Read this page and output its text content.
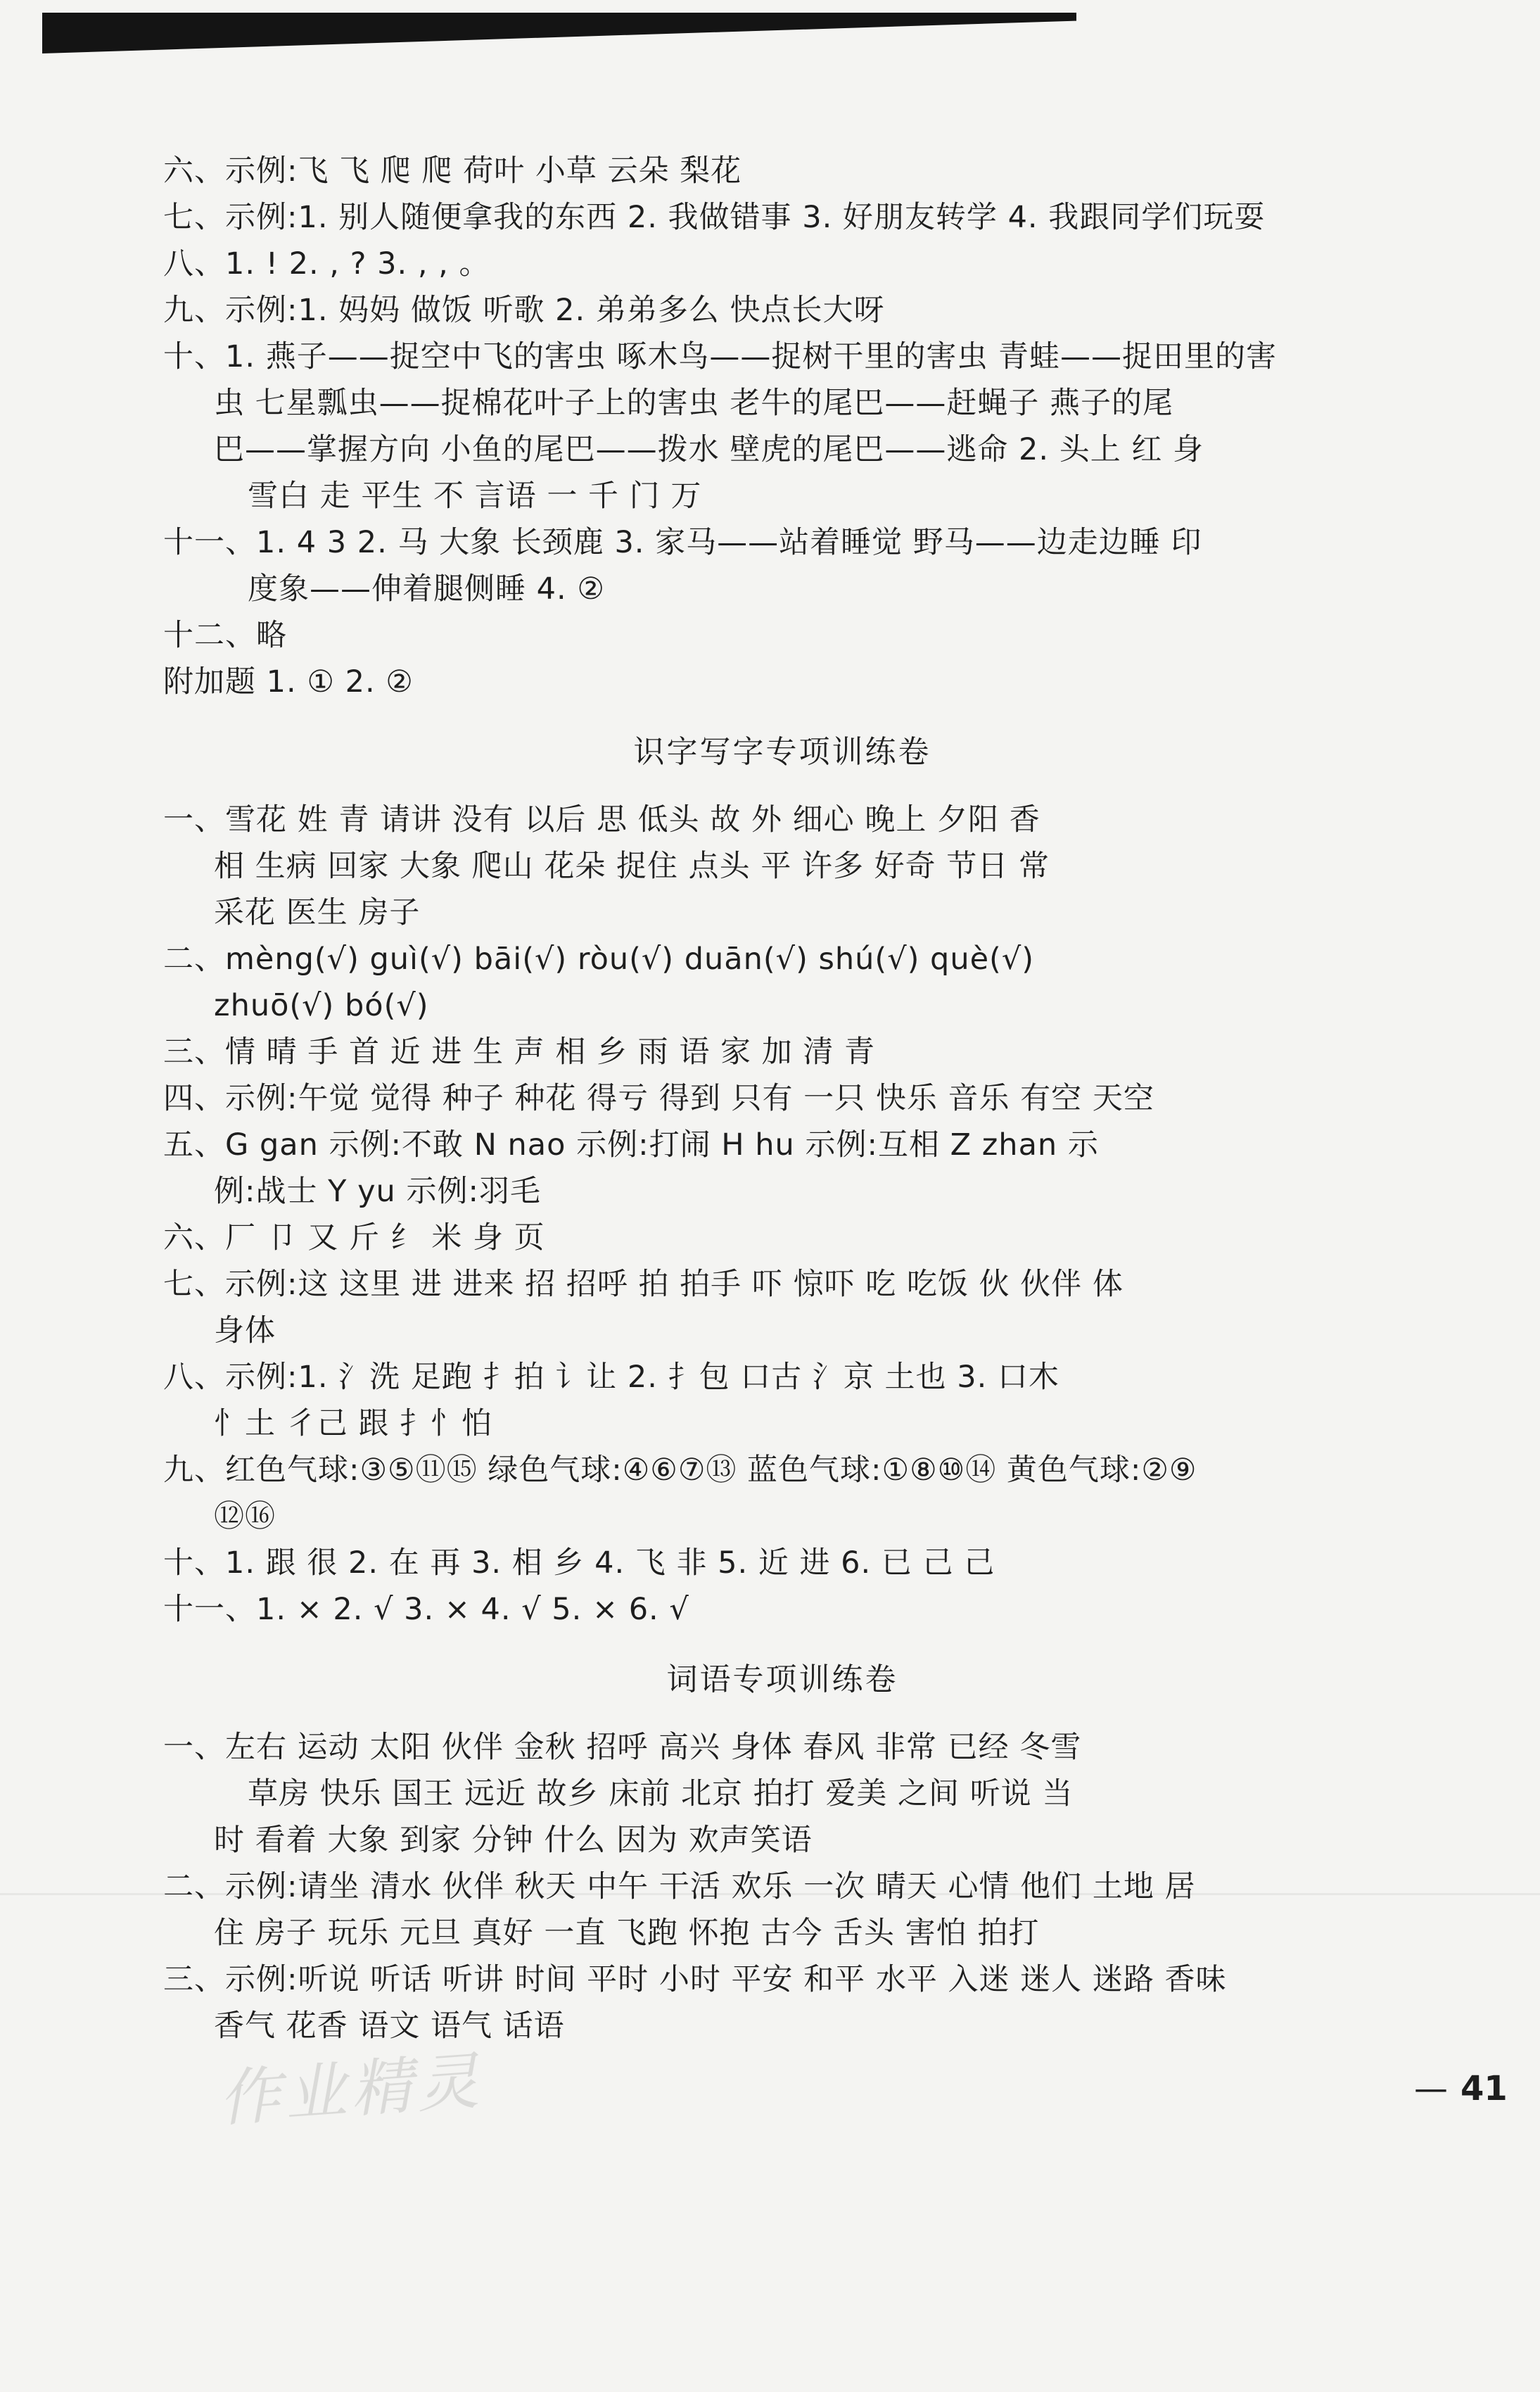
六、示例:飞 飞 爬 爬 荷叶 小草 云朵 梨花
七、示例:1. 别人随便拿我的东西 2. 我做错事 3. 好朋友转学 4. 我跟同学们玩耍
八、1. ! 2. , ? 3. , , 。
九、示例:1. 妈妈 做饭 听歌 2. 弟弟多么 快点长大呀
十、1. 燕子——捉空中飞的害虫 啄木鸟——捉树干里的害虫 青蛙——捉田里的害
虫 七星瓢虫——捉棉花叶子上的害虫 老牛的尾巴——赶蝇子 燕子的尾
巴——掌握方向 小鱼的尾巴——拨水 壁虎的尾巴——逃命 2. 头上 红 身
雪白 走 平生 不 言语 一 千 门 万
十一、1. 4 3 2. 马 大象 长颈鹿 3. 家马——站着睡觉 野马——边走边睡 印
度象——伸着腿侧睡 4. ②
十二、略
附加题 1. ① 2. ②
识字写字专项训练卷
一、雪花 姓 青 请讲 没有 以后 思 低头 故 外 细心 晚上 夕阳 香
相 生病 回家 大象 爬山 花朵 捉住 点头 平 许多 好奇 节日 常
采花 医生 房子
二、mèng(√) guì(√) bāi(√) ròu(√) duān(√) shú(√) què(√)
zhuō(√) bó(√)
三、情 晴 手 首 近 进 生 声 相 乡 雨 语 家 加 清 青
四、示例:午觉 觉得 种子 种花 得亏 得到 只有 一只 快乐 音乐 有空 天空
五、G gan 示例:不敢 N nao 示例:打闹 H hu 示例:互相 Z zhan 示
例:战士 Y yu 示例:羽毛
六、厂 卩 又 斤 纟 米 身 页
七、示例:这 这里 进 进来 招 招呼 拍 拍手 吓 惊吓 吃 吃饭 伙 伙伴 体
身体
八、示例:1. 氵洗 足跑 扌拍 讠让 2. 扌包 口古 氵京 土也 3. 口木
忄土 彳己 跟 扌忄怕
九、红色气球:③⑤⑪⑮ 绿色气球:④⑥⑦⑬ 蓝色气球:①⑧⑩⑭ 黄色气球:②⑨
⑫⑯
十、1. 跟 很 2. 在 再 3. 相 乡 4. 飞 非 5. 近 进 6. 已 己 己
十一、1. × 2. √ 3. × 4. √ 5. × 6. √
词语专项训练卷
一、左右 运动 太阳 伙伴 金秋 招呼 高兴 身体 春风 非常 已经 冬雪
草房 快乐 国王 远近 故乡 床前 北京 拍打 爱美 之间 听说 当
时 看着 大象 到家 分钟 什么 因为 欢声笑语
二、示例:请坐 清水 伙伴 秋天 中午 干活 欢乐 一次 晴天 心情 他们 土地 居
住 房子 玩乐 元旦 真好 一直 飞跑 怀抱 古今 舌头 害怕 拍打
三、示例:听说 听话 听讲 时间 平时 小时 平安 和平 水平 入迷 迷人 迷路 香味
香气 花香 语文 语气 话语
作业精灵	— 41
